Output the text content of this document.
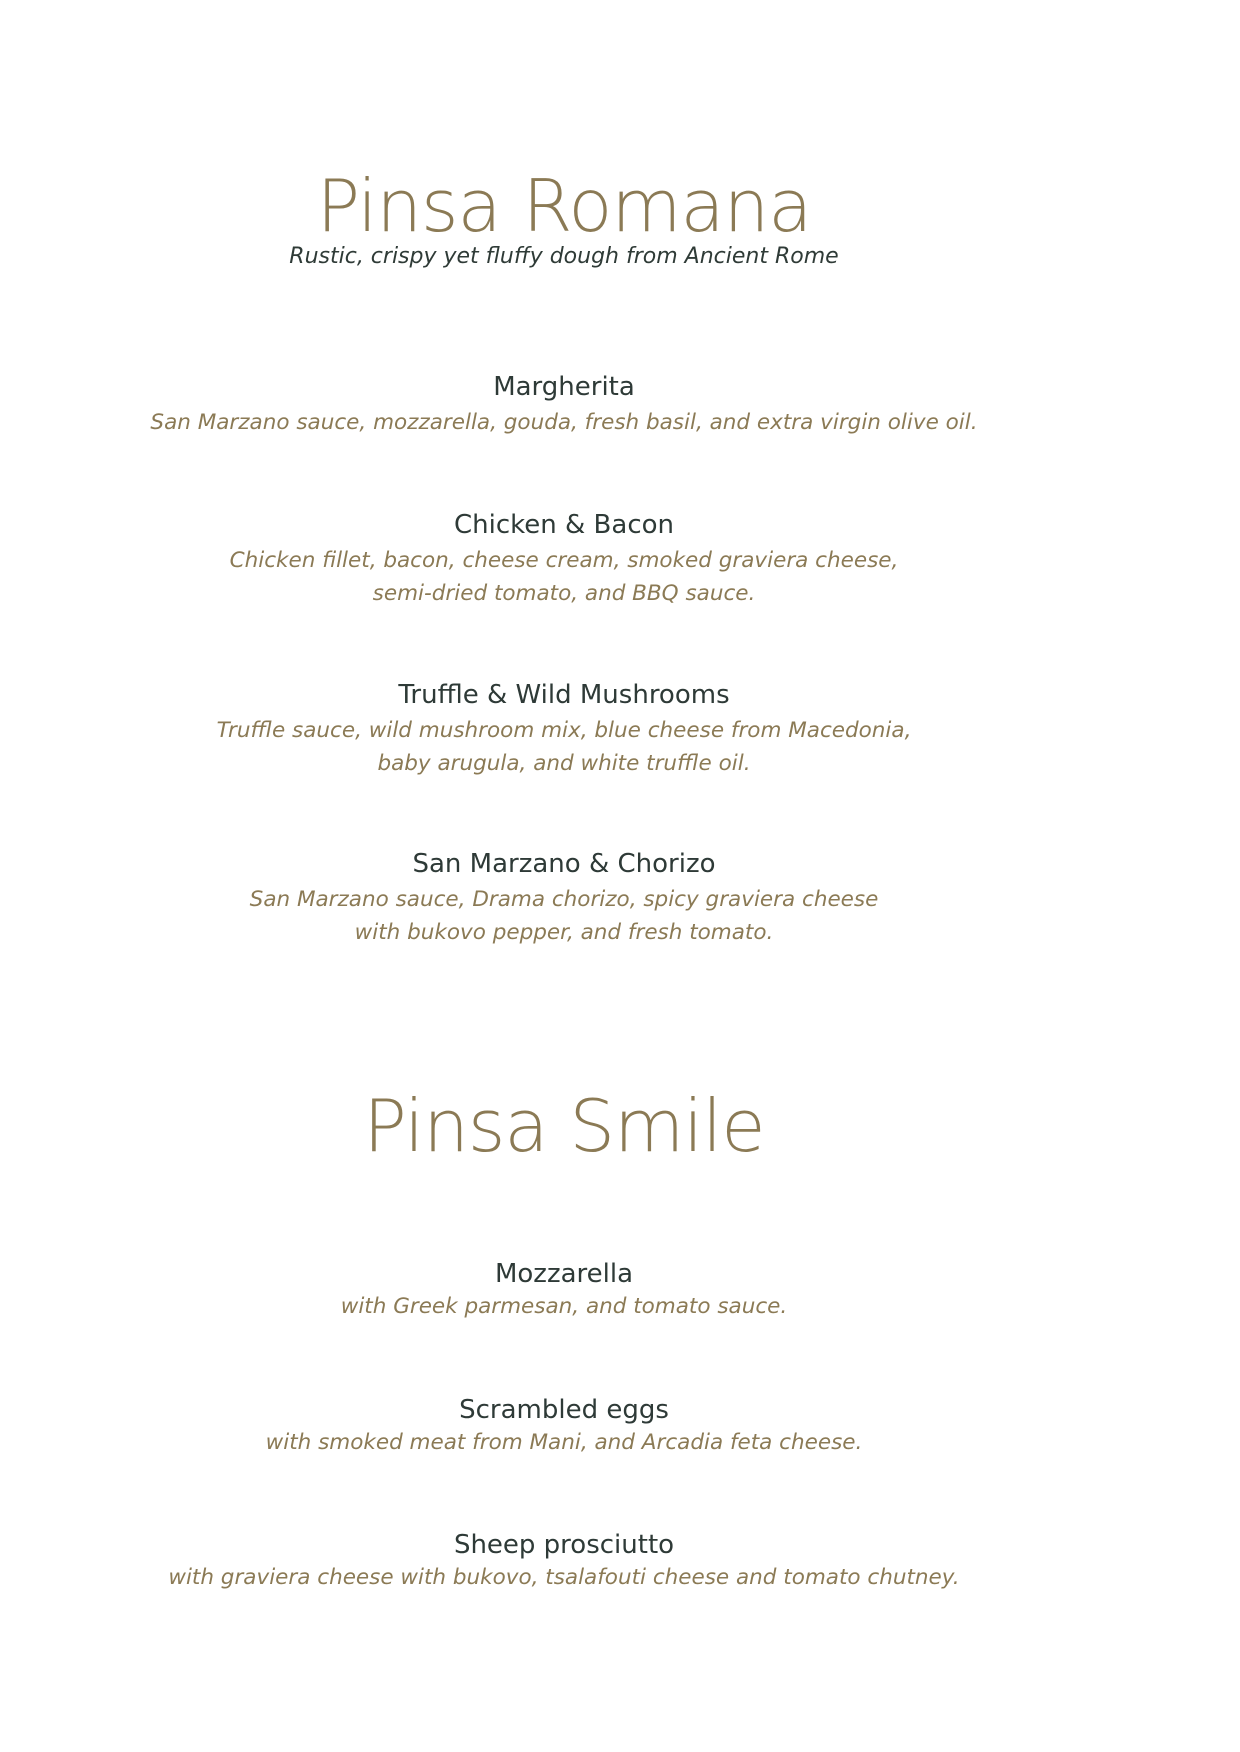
Pinsa Romana

Rustic, crispy yet fluffy dough from Ancient Rome

Margherita

San Marzano sauce, mozzarella, gouda, fresh basil, and extra virgin olive oil.

Chicken & Bacon

Chicken fillet, bacon, cheese cream, smoked graviera cheese,

semi-dried tomato, and BBQ sauce.

Truffle & Wild Mushrooms

Truffle sauce, wild mushroom mix, blue cheese from Macedonia,

baby arugula, and white truffle oil.

San Marzano & Chorizo

San Marzano sauce, Drama chorizo, spicy graviera cheese

with bukovo pepper, and fresh tomato.

Pinsa Smile

Mozzarella

with Greek parmesan, and tomato sauce.

Scrambled eggs

with smoked meat from Mani, and Arcadia feta cheese.

Sheep prosciutto

with graviera cheese with bukovo, tsalafouti cheese and tomato chutney.
